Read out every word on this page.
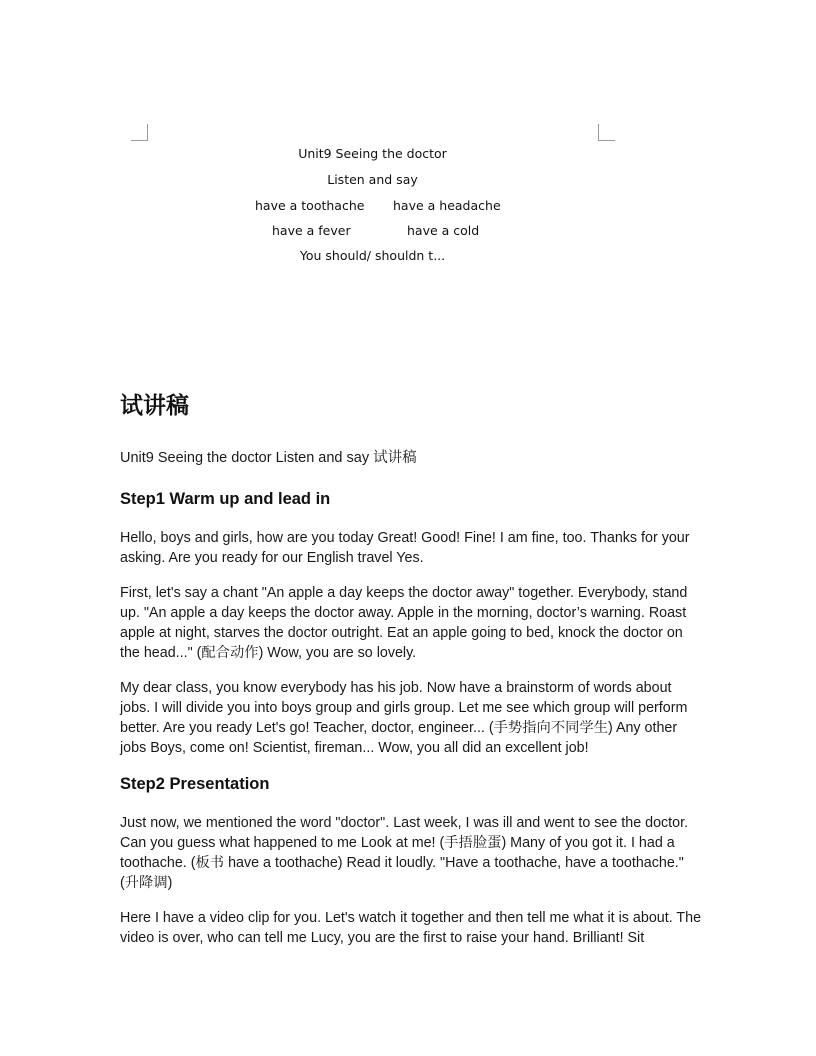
Unit9 Seeing the doctor
Listen and say
have a toothache have a headache
have a fever	have a cold
You should/ shouldn t...
试讲稿
Unit9 Seeing the doctor Listen and say 试讲稿
Step1 Warm up and lead in

Hello, boys and girls, how are you today Great! Good! Fine! I am fine, too. Thanks for your asking. Are you ready for our English travel Yes.

First, let's say a chant "An apple a day keeps the doctor away" together. Everybody, stand up. "An apple a day keeps the doctor away. Apple in the morning, doctor’s warning. Roast apple at night, starves the doctor outright. Eat an apple going to bed, knock the doctor on the head..." (配合动作) Wow, you are so lovely.

My dear class, you know everybody has his job. Now have a brainstorm of words about jobs. I will divide you into boys group and girls group. Let me see which group will perform better. Are you ready Let's go! Teacher, doctor, engineer... (手势指向不同学生) Any other jobs Boys, come on! Scientist, fireman... Wow, you all did an excellent job!

Step2 Presentation

Just now, we mentioned the word "doctor". Last week, I was ill and went to see the doctor. Can you guess what happened to me Look at me! (手捂脸蛋) Many of you got it. I had a toothache. (板书 have a toothache) Read it loudly. "Have a toothache, have a toothache." (升降调)

Here I have a video clip for you. Let's watch it together and then tell me what it is about. The video is over, who can tell me Lucy, you are the first to raise your hand. Brilliant! Sit
